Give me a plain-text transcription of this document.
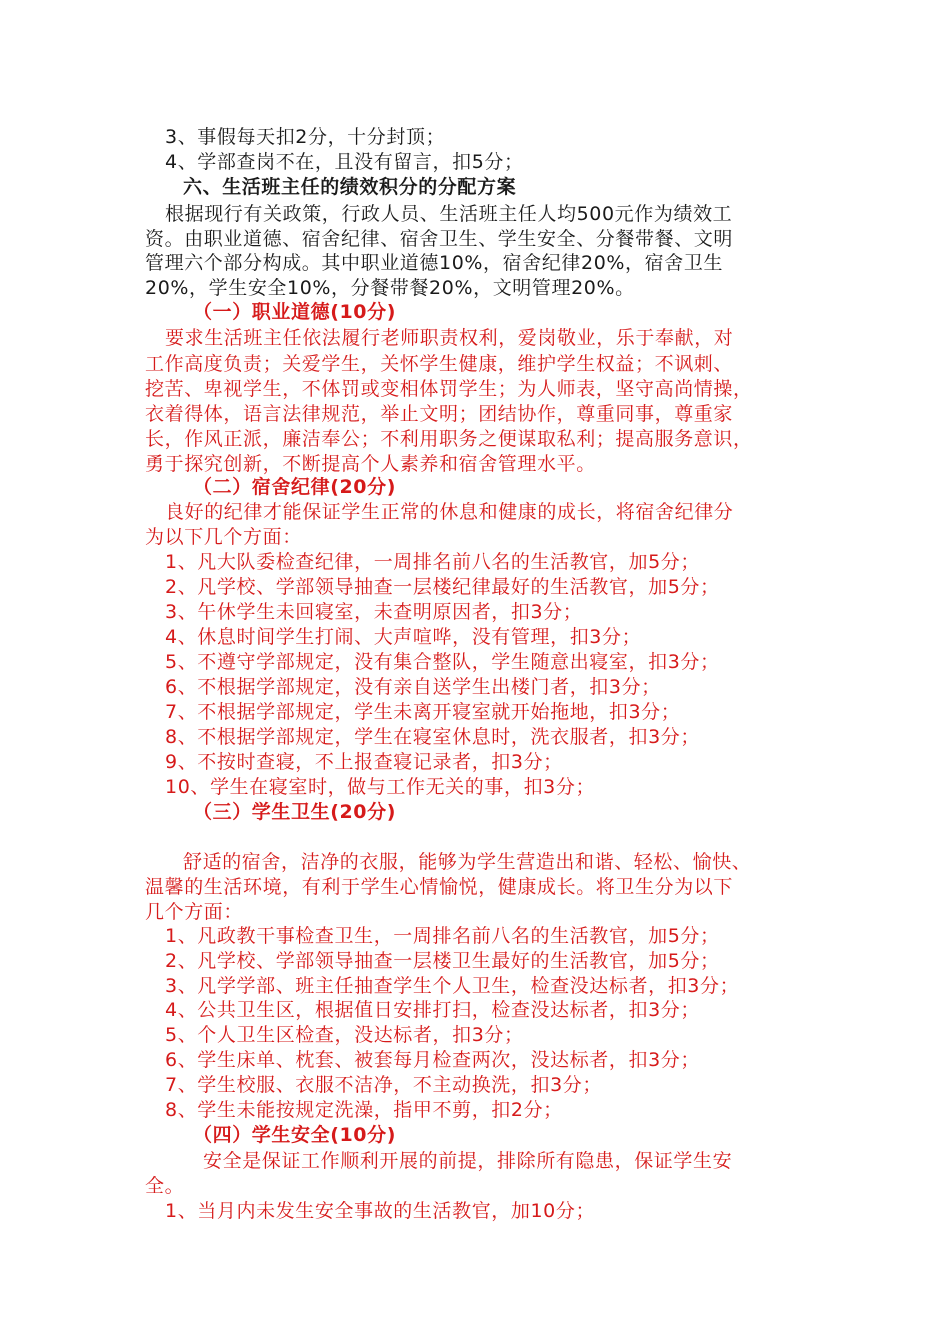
3、事假每天扣2分，十分封顶；

4、学部查岗不在，且没有留言，扣5分；

六、生活班主任的绩效积分的分配方案

根据现行有关政策，行政人员、生活班主任人均500元作为绩效工

资。由职业道德、宿舍纪律、宿舍卫生、学生安全、分餐带餐、文明

管理六个部分构成。其中职业道德10%，宿舍纪律20%，宿舍卫生

20%，学生安全10%，分餐带餐20%，文明管理20%。

（一）职业道德(10分)

要求生活班主任依法履行老师职责权利，爱岗敬业，乐于奉献，对

工作高度负责；关爱学生，关怀学生健康，维护学生权益；不讽刺、

挖苦、卑视学生，不体罚或变相体罚学生；为人师表，坚守高尚情操，

衣着得体，语言法律规范，举止文明；团结协作，尊重同事，尊重家

长，作风正派，廉洁奉公；不利用职务之便谋取私利；提高服务意识，

勇于探究创新，不断提高个人素养和宿舍管理水平。

（二）宿舍纪律(20分)

良好的纪律才能保证学生正常的休息和健康的成长，将宿舍纪律分

为以下几个方面：

1、凡大队委检查纪律，一周排名前八名的生活教官，加5分；

2、凡学校、学部领导抽查一层楼纪律最好的生活教官，加5分；

3、午休学生未回寝室，未查明原因者，扣3分；

4、休息时间学生打闹、大声喧哗，没有管理，扣3分；

5、不遵守学部规定，没有集合整队，学生随意出寝室，扣3分；

6、不根据学部规定，没有亲自送学生出楼门者，扣3分；

7、不根据学部规定，学生未离开寝室就开始拖地，扣3分；

8、不根据学部规定，学生在寝室休息时，洗衣服者，扣3分；

9、不按时查寝，不上报查寝记录者，扣3分；

10、学生在寝室时，做与工作无关的事，扣3分；

（三）学生卫生(20分)

舒适的宿舍，洁净的衣服，能够为学生营造出和谐、轻松、愉快、

温馨的生活环境，有利于学生心情愉悦，健康成长。将卫生分为以下

几个方面：

1、凡政教干事检查卫生，一周排名前八名的生活教官，加5分；

2、凡学校、学部领导抽查一层楼卫生最好的生活教官，加5分；

3、凡学学部、班主任抽查学生个人卫生，检查没达标者，扣3分；

4、公共卫生区，根据值日安排打扫，检查没达标者，扣3分；

5、个人卫生区检查，没达标者，扣3分；

6、学生床单、枕套、被套每月检查两次，没达标者，扣3分；

7、学生校服、衣服不洁净，不主动换洗，扣3分；

8、学生未能按规定洗澡，指甲不剪，扣2分；

（四）学生安全(10分)

安全是保证工作顺利开展的前提，排除所有隐患，保证学生安

全。

1、当月内未发生安全事故的生活教官，加10分；
